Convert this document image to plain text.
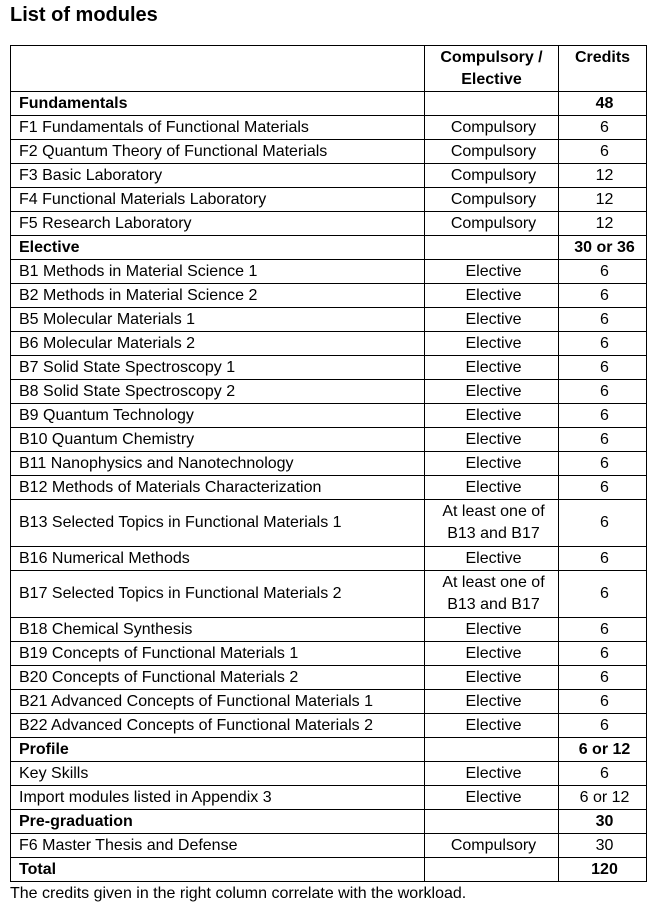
List of modules
	Compulsory / Elective	Credits
Fundamentals		48
F1 Fundamentals of Functional Materials	Compulsory	6
F2 Quantum Theory of Functional Materials	Compulsory	6
F3 Basic Laboratory	Compulsory	12
F4 Functional Materials Laboratory	Compulsory	12
F5 Research Laboratory	Compulsory	12
Elective		30 or 36
B1 Methods in Material Science 1	Elective	6
B2 Methods in Material Science 2	Elective	6
B5 Molecular Materials 1	Elective	6
B6 Molecular Materials 2	Elective	6
B7 Solid State Spectroscopy 1	Elective	6
B8 Solid State Spectroscopy 2	Elective	6
B9 Quantum Technology	Elective	6
B10 Quantum Chemistry	Elective	6
B11 Nanophysics and Nanotechnology	Elective	6
B12 Methods of Materials Characterization	Elective	6
B13 Selected Topics in Functional Materials 1	At least one of B13 and B17	6
B16 Numerical Methods	Elective	6
B17 Selected Topics in Functional Materials 2	At least one of B13 and B17	6
B18 Chemical Synthesis	Elective	6
B19 Concepts of Functional Materials 1	Elective	6
B20 Concepts of Functional Materials 2	Elective	6
B21 Advanced Concepts of Functional Materials 1	Elective	6
B22 Advanced Concepts of Functional Materials 2	Elective	6
Profile		6 or 12
Key Skills	Elective	6
Import modules listed in Appendix 3	Elective	6 or 12
Pre-graduation		30
F6 Master Thesis and Defense	Compulsory	30
Total		120

The credits given in the right column correlate with the workload.
